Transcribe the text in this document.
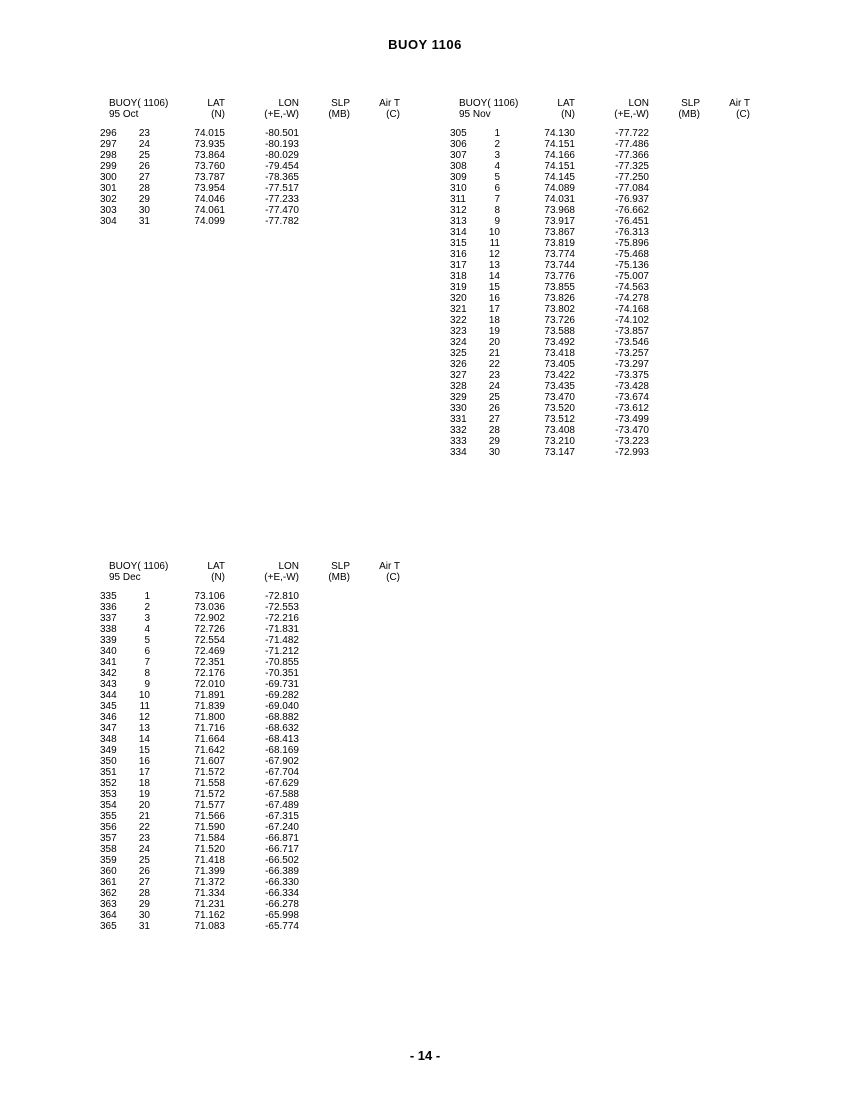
BUOY 1106
BUOY( 1106)	LAT	LON	SLP	Air T
95 Oct	(N)	(+E,-W)	(MB)	(C)
296	23	74.015	-80.501
297	24	73.935	-80.193
298	25	73.864	-80.029
299	26	73.760	-79.454
300	27	73.787	-78.365
301	28	73.954	-77.517
302	29	74.046	-77.233
303	30	74.061	-77.470
304	31	74.099	-77.782
BUOY( 1106)	LAT	LON	SLP	Air T
95 Nov	(N)	(+E,-W)	(MB)	(C)
305	1	74.130	-77.722
306	2	74.151	-77.486
307	3	74.166	-77.366
308	4	74.151	-77.325
309	5	74.145	-77.250
310	6	74.089	-77.084
311	7	74.031	-76.937
312	8	73.968	-76.662
313	9	73.917	-76.451
314	10	73.867	-76.313
315	11	73.819	-75.896
316	12	73.774	-75.468
317	13	73.744	-75.136
318	14	73.776	-75.007
319	15	73.855	-74.563
320	16	73.826	-74.278
321	17	73.802	-74.168
322	18	73.726	-74.102
323	19	73.588	-73.857
324	20	73.492	-73.546
325	21	73.418	-73.257
326	22	73.405	-73.297
327	23	73.422	-73.375
328	24	73.435	-73.428
329	25	73.470	-73.674
330	26	73.520	-73.612
331	27	73.512	-73.499
332	28	73.408	-73.470
333	29	73.210	-73.223
334	30	73.147	-72.993
BUOY( 1106)	LAT	LON	SLP	Air T
95 Dec	(N)	(+E,-W)	(MB)	(C)
335	1	73.106	-72.810
336	2	73.036	-72.553
337	3	72.902	-72.216
338	4	72.726	-71.831
339	5	72.554	-71.482
340	6	72.469	-71.212
341	7	72.351	-70.855
342	8	72.176	-70.351
343	9	72.010	-69.731
344	10	71.891	-69.282
345	11	71.839	-69.040
346	12	71.800	-68.882
347	13	71.716	-68.632
348	14	71.664	-68.413
349	15	71.642	-68.169
350	16	71.607	-67.902
351	17	71.572	-67.704
352	18	71.558	-67.629
353	19	71.572	-67.588
354	20	71.577	-67.489
355	21	71.566	-67.315
356	22	71.590	-67.240
357	23	71.584	-66.871
358	24	71.520	-66.717
359	25	71.418	-66.502
360	26	71.399	-66.389
361	27	71.372	-66.330
362	28	71.334	-66.334
363	29	71.231	-66.278
364	30	71.162	-65.998
365	31	71.083	-65.774
- 14 -
